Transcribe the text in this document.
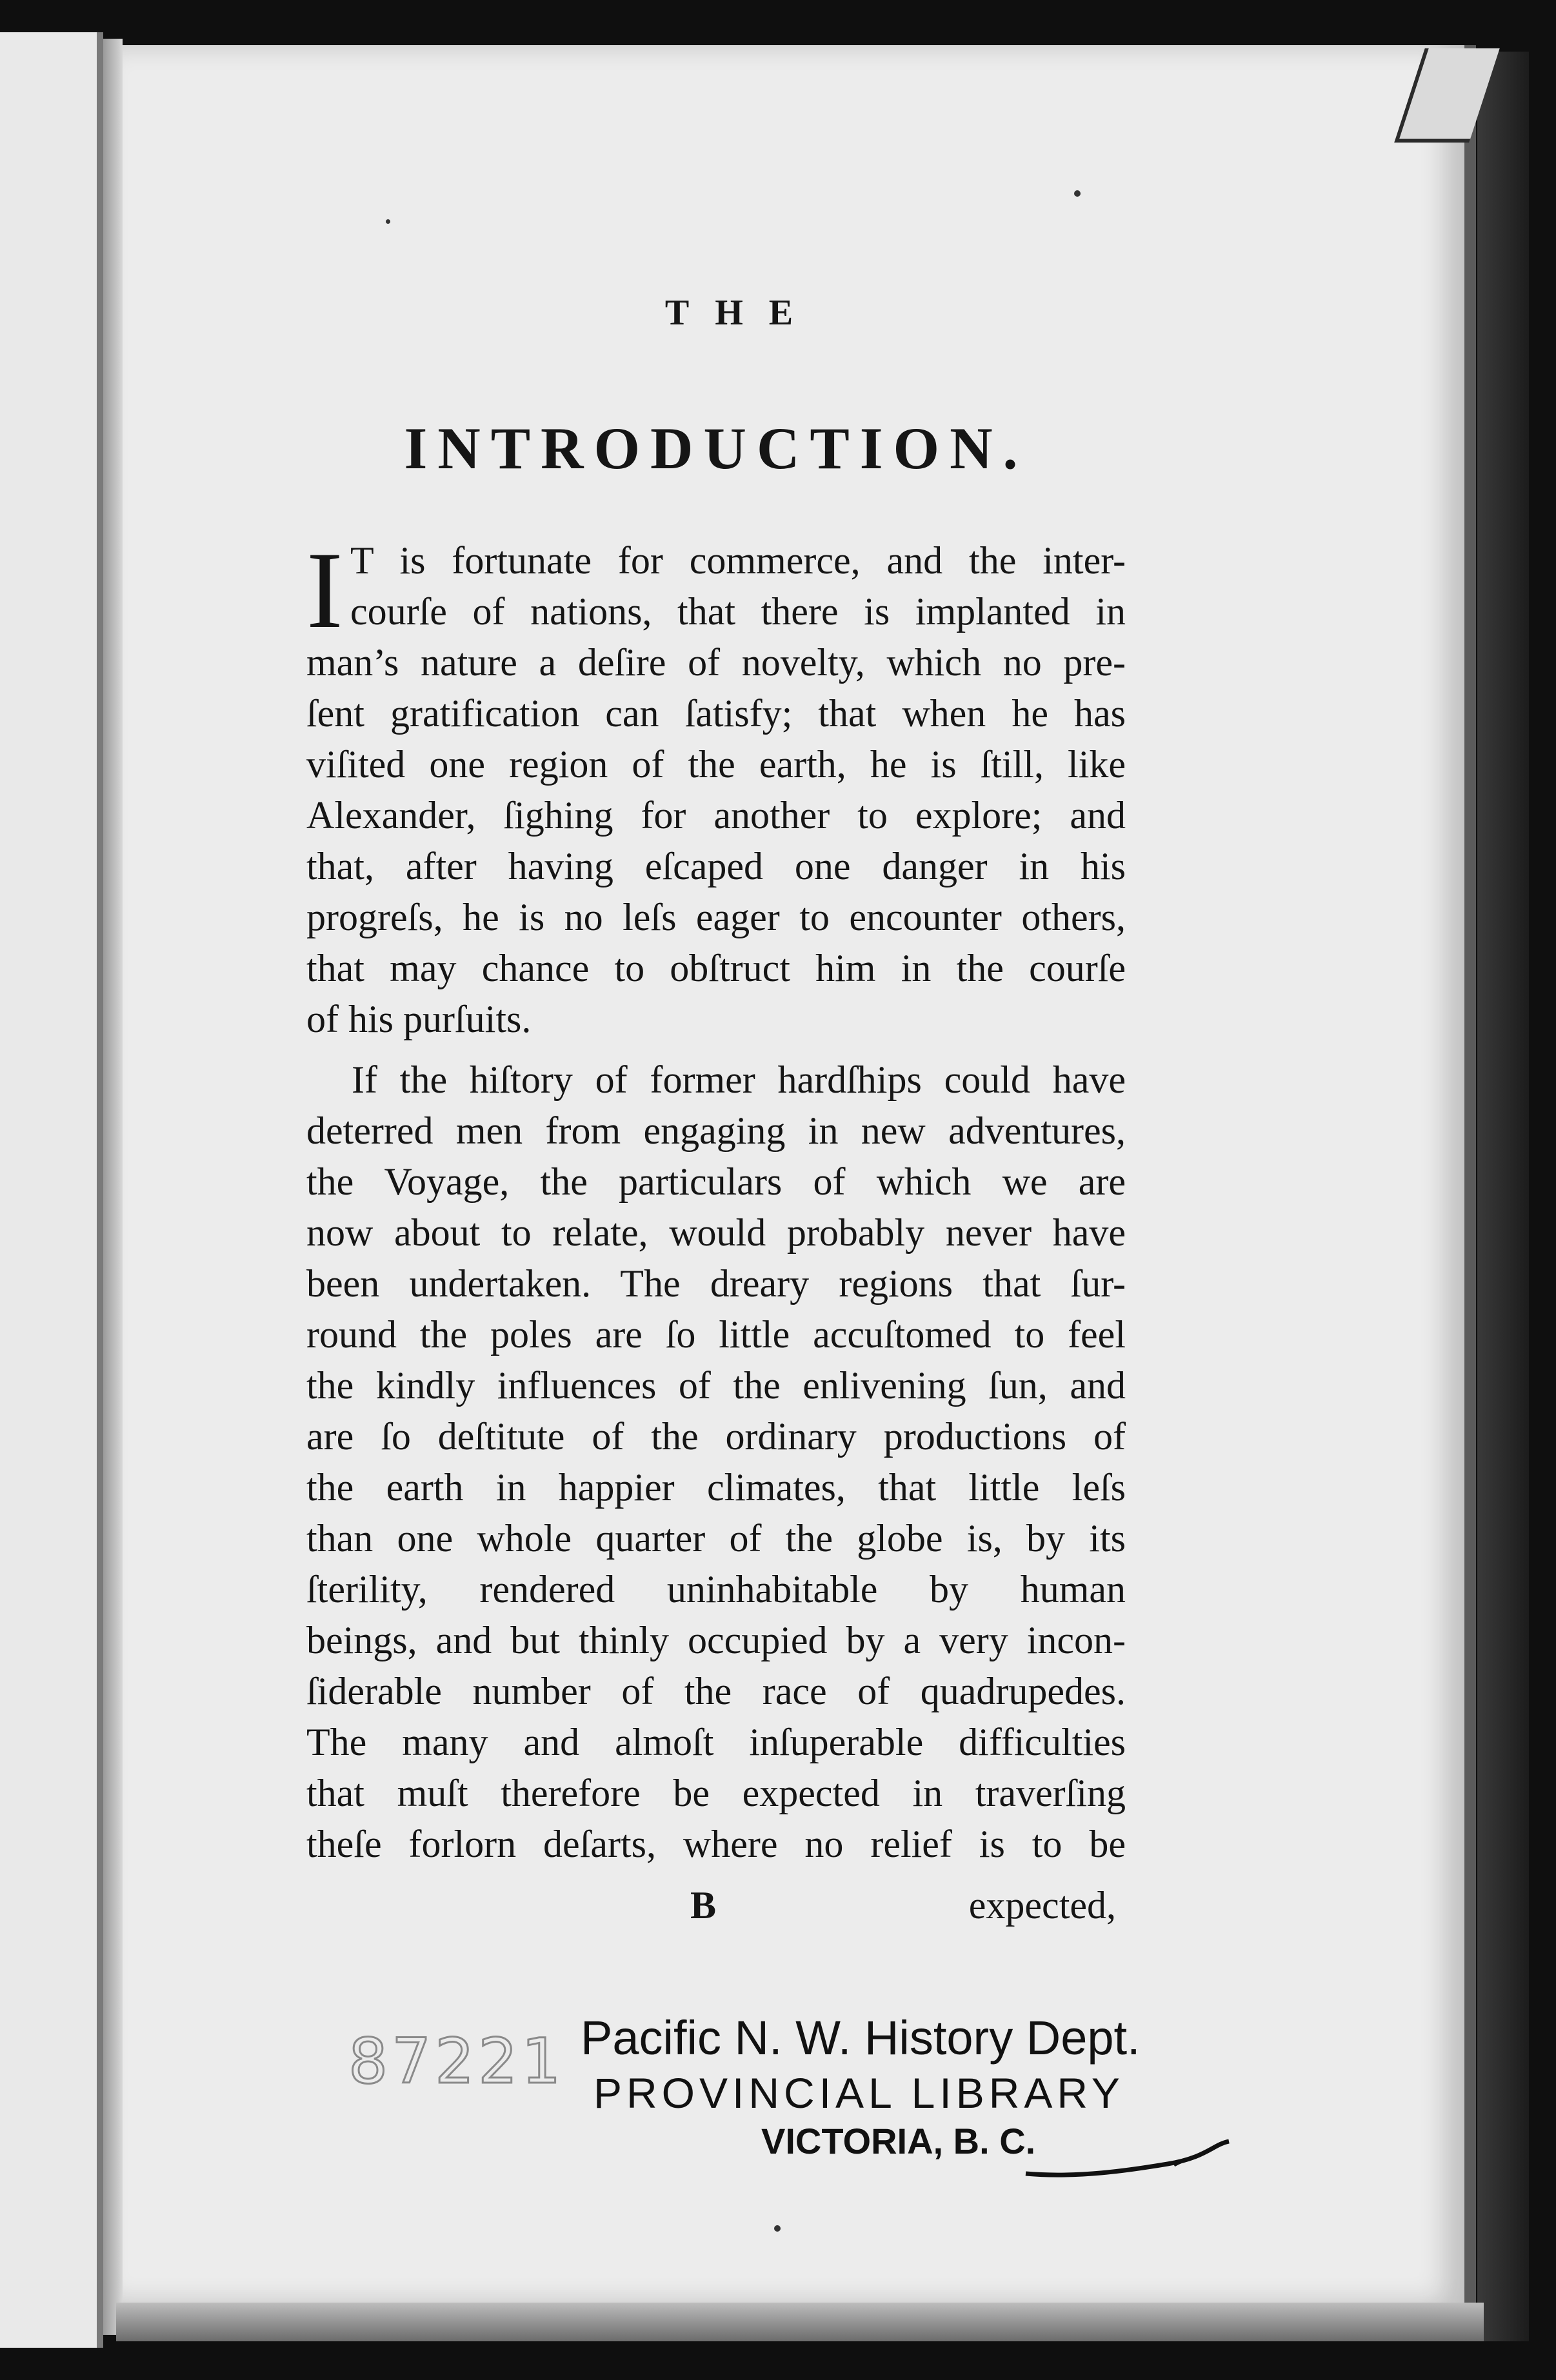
THE
INTRODUCTION.
I T is fortunate for commerce, and the inter-
courſe of nations, that there is implanted in
man’s nature a deſire of novelty, which no pre-
ſent gratification can ſatisfy; that when he has
viſited one region of the earth, he is ſtill, like
Alexander, ſighing for another to explore; and
that, after having eſcaped one danger in his
progreſs, he is no leſs eager to encounter others,
that may chance to obſtruct him in the courſe
of his purſuits.
If the hiſtory of former hardſhips could have
deterred men from engaging in new adventures,
the Voyage, the particulars of which we are
now about to relate, would probably never have
been undertaken. The dreary regions that ſur-
round the poles are ſo little accuſtomed to feel
the kindly influences of the enlivening ſun, and
are ſo deſtitute of the ordinary productions of
the earth in happier climates, that little leſs
than one whole quarter of the globe is, by its
ſterility, rendered uninhabitable by human
beings, and but thinly occupied by a very incon-
ſiderable number of the race of quadrupedes.
The many and almoſt inſuperable difficulties
that muſt therefore be expected in traverſing
theſe forlorn deſarts, where no relief is to be
B	expected,
87221 Pacific N. W. History Dept.
PROVINCIAL LIBRARY
VICTORIA, B. C.
